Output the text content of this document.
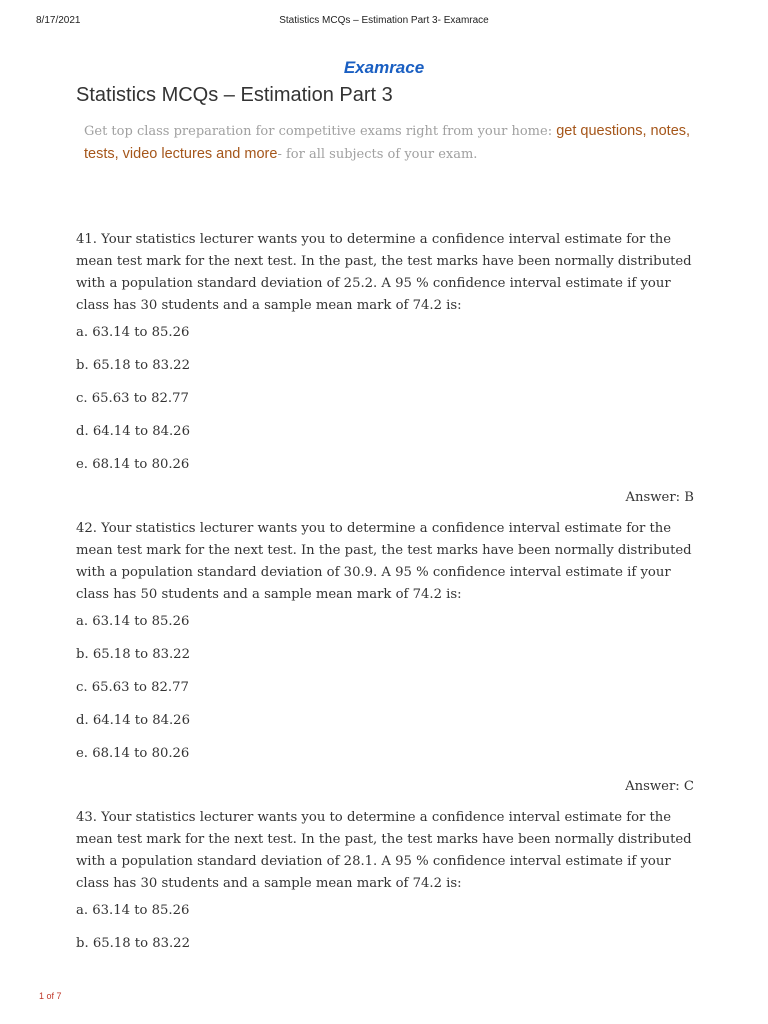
8/17/2021	Statistics MCQs – Estimation Part 3- Examrace
Examrace
Statistics MCQs – Estimation Part 3

Get top class preparation for competitive exams right from your home: get questions, notes, tests, video lectures and more- for all subjects of your exam.

41. Your statistics lecturer wants you to determine a confidence interval estimate for the mean test mark for the next test. In the past, the test marks have been normally distributed with a population standard deviation of 25.2. A 95 % confidence interval estimate if your class has 30 students and a sample mean mark of 74.2 is:

a. 63.14 to 85.26
b. 65.18 to 83.22
c. 65.63 to 82.77
d. 64.14 to 84.26
e. 68.14 to 80.26

Answer: B

42. Your statistics lecturer wants you to determine a confidence interval estimate for the mean test mark for the next test. In the past, the test marks have been normally distributed with a population standard deviation of 30.9. A 95 % confidence interval estimate if your class has 50 students and a sample mean mark of 74.2 is:

a. 63.14 to 85.26
b. 65.18 to 83.22
c. 65.63 to 82.77
d. 64.14 to 84.26
e. 68.14 to 80.26

Answer: C

43. Your statistics lecturer wants you to determine a confidence interval estimate for the mean test mark for the next test. In the past, the test marks have been normally distributed with a population standard deviation of 28.1. A 95 % confidence interval estimate if your class has 30 students and a sample mean mark of 74.2 is:

a. 63.14 to 85.26
b. 65.18 to 83.22
1 of 7
